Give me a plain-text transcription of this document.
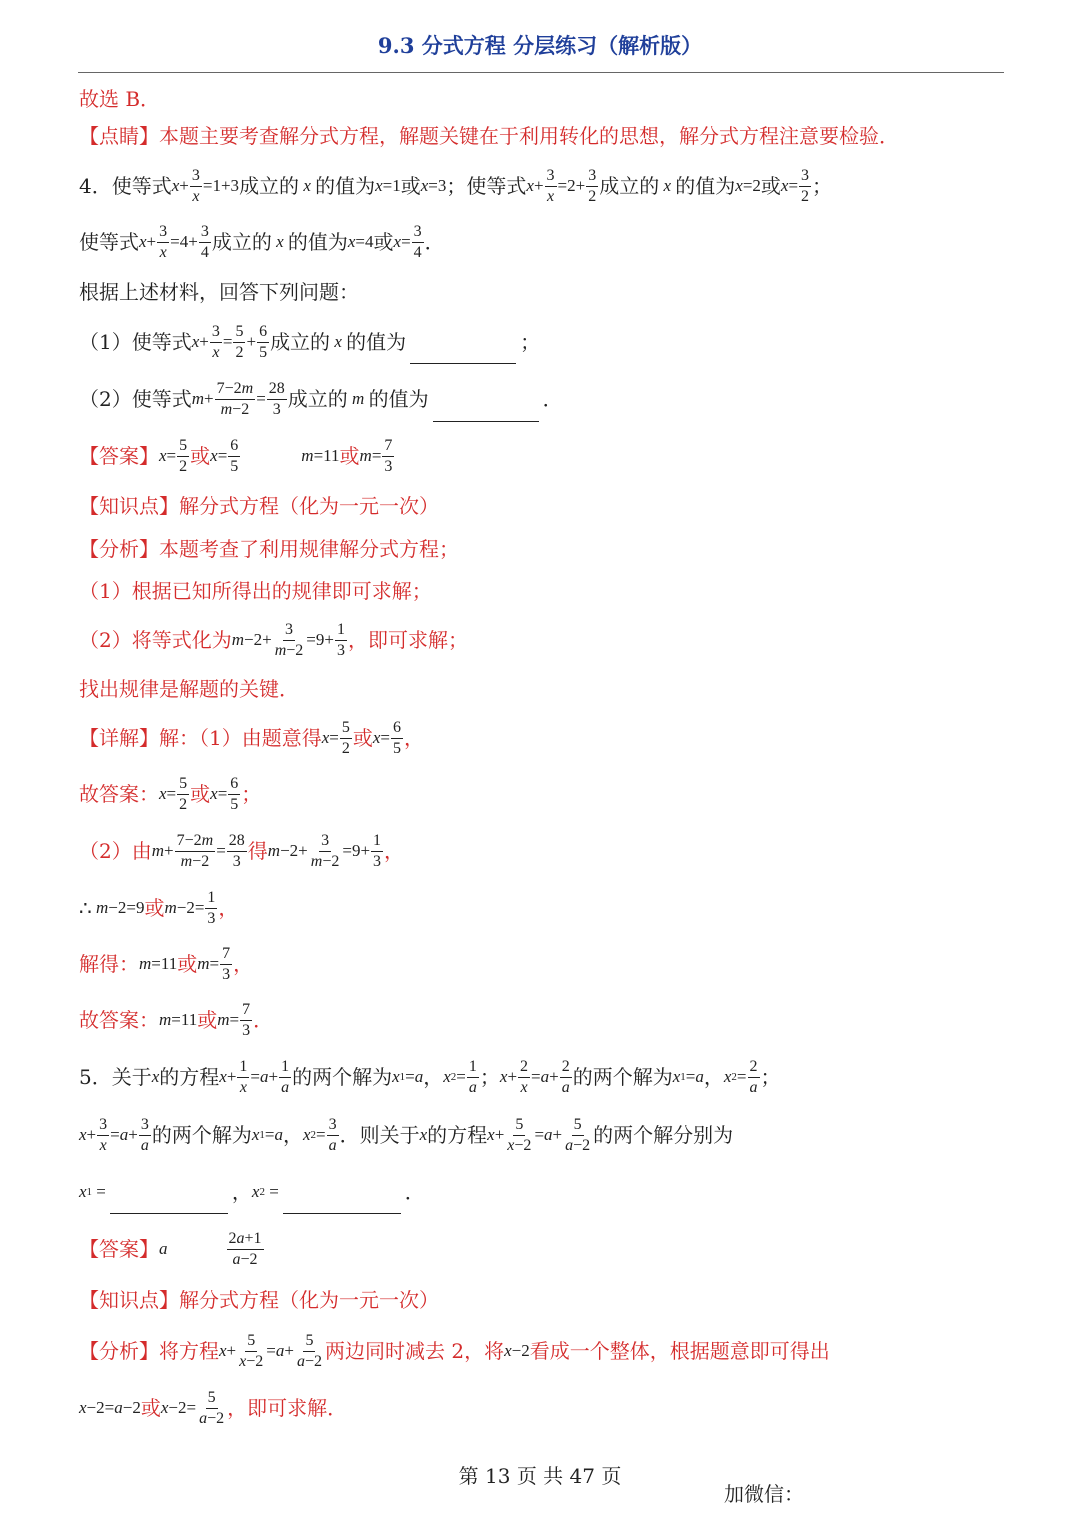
9.3 分式方程 分层练习（解析版）
故选 B．
【点睛】 本题主要考查解分式方程，解题关键在于利用转化的思想，解分式方程注意要检验．
4． 使等式 $x + \frac{3}{x} =1+3$ 成立的 x 的值为 x =1 或 x =3 ； 使等式 $x + \frac{3}{x} =2+ \frac{3}{2}$ 成立的 x 的值为 x =2 或 $x = \frac{3}{2}$ ；
使等式 $x + \frac{3}{x} =4+ \frac{3}{4}$ 成立的 x 的值为 x =4 或 $x = \frac{3}{4}$ ．
根据上述材料，回答下列问题：
（1） 使等式 $x + \frac{3}{x} = \frac{5}{2} + \frac{6}{5}$ 成立的 x 的值为	；
（2） 使等式 $m + \frac{7-2m}{m-2} = \frac{28}{3}$ 成立的 m 的值为	．
【答案】 $x = \frac{5}{2}$ 或 $x = \frac{6}{5}$	m =11 或 $m = \frac{7}{3}$
【知识点】 解分式方程（化为一元一次）
【分析】 本题考查了利用规律解分式方程；
（1）根据已知所得出的规律即可求解；
（2）将等式化为 $m -2+ \frac{3}{m-2} =9+ \frac{1}{3}$ ，即可求解；
找出规律是解题的关键．
【详解】 解：（1）由题意得 $x = \frac{5}{2}$ 或 $x = \frac{6}{5}$ ，
故答案： $x = \frac{5}{2}$ 或 $x = \frac{6}{5}$ ；
（2）由 $m + \frac{7-2m}{m-2} = \frac{28}{3}$ 得 $m -2+ \frac{3}{m-2} =9+ \frac{1}{3}$ ，
∴ m −2=9 或 $m -2= \frac{1}{3}$ ，
解得： m =11 或 $m = \frac{7}{3}$ ，
故答案： m =11 或 $m = \frac{7}{3}$ ．
5． 关于 x 的方程 $x + \frac{1}{x} = a + \frac{1}{a}$ 的两个解为 x 1 = a ， x $2 = \frac{1}{a}$ ； $x + \frac{2}{x} = a + \frac{2}{a}$ 的两个解为 x 1 = a ， x $2 = \frac{2}{a}$ ；
$x + \frac{3}{x} = a + \frac{3}{a}$ 的两个解为 x 1 = a ， x $2 = \frac{3}{a}$ ．则关于 x 的方程 $x + \frac{5}{x-2} = a + \frac{5}{a-2}$ 的两个解分别为
x 1 =	， x 2 =	．
【答案】 a	$\frac{2a+1}{a-2}$
【知识点】 解分式方程（化为一元一次）
【分析】 将方程 $x + \frac{5}{x-2} = a + \frac{5}{a-2}$ 两边同时减去 2，将 x −2 看成一个整体，根据题意即可得出
x −2= a −2 或 $x -2= \frac{5}{a-2}$ ，即可求解．
第 13 页 共 47 页
加微信：
